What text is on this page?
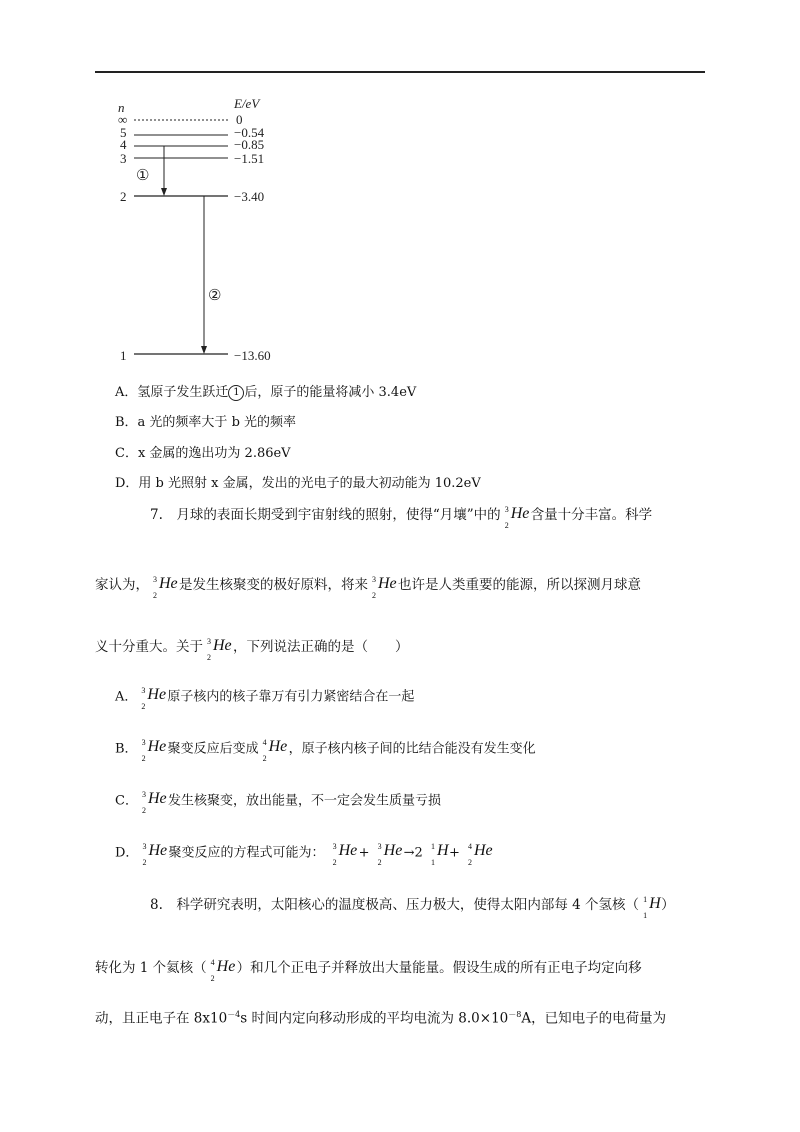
n	E/eV
∞	0
5	−0.54
4	−0.85
3	−1.51
2	−3.40
1	−13.60
①
②
A．氢原子发生跃迁 1 后，原子的能量将减小 3.4eV
B．a 光的频率大于 b 光的频率
C．x 金属的逸出功为 2.86eV
D．用 b 光照射 x 金属，发出的光电子的最大初动能为 10.2eV
7.　月球的表面长期受到宇宙射线的照射，使得“月壤”中的 3
2
He 含量十分丰富。科学
家认为， 3
2
He 是发生核聚变的极好原料，将来 3
2
He 也许是人类重要的能源，所以探测月球意
义十分重大。关于 3
2
He ，下列说法正确的是（　　）
A． 3
2
He 原子核内的核子靠万有引力紧密结合在一起
B． 3
2
He 聚变反应后变成 4
2
He ，原子核内核子间的比结合能没有发生变化
C． 3
2
He 发生核聚变，放出能量，不一定会发生质量亏损
D． 3
2
He 聚变反应的方程式可能为： 3
2
He + 3
2
He →2 1
1
H + 4
2
He
8.　科学研究表明，太阳核心的温度极高、压力极大，使得太阳内部每 4 个氢核（ 1
1
H ）
转化为 1 个氦核（ 4
2
He ）和几个正电子并释放出大量能量。假设生成的所有正电子均定向移
动，且正电子在 $8x10^{-4}s$ 时间内定向移动形成的平均电流为 $8.0\times 10^{-8}A$，已知电子的电荷量为
